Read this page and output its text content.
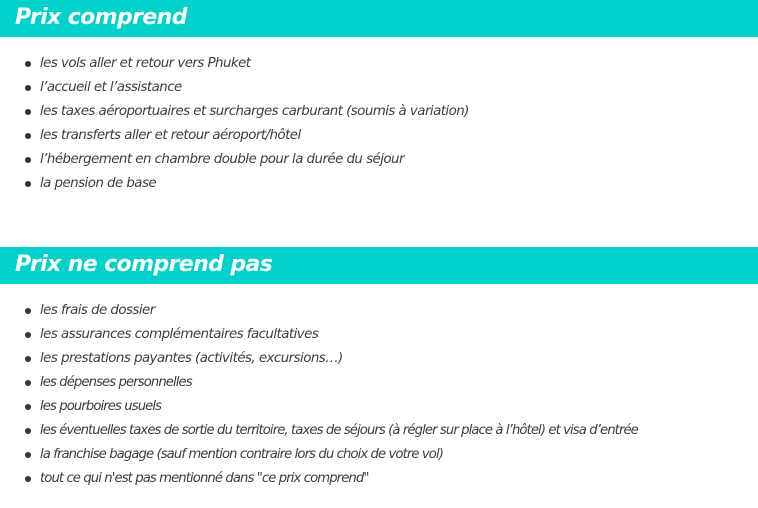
Prix comprend
les vols aller et retour vers Phuket
l’accueil et l’assistance
les taxes aéroportuaires et surcharges carburant (soumis à variation)
les transferts aller et retour aéroport/hôtel
l’hébergement en chambre double pour la durée du séjour
la pension de base
Prix ne comprend pas
les frais de dossier
les assurances complémentaires facultatives
les prestations payantes (activités, excursions…)
les dépenses personnelles
les pourboires usuels
les éventuelles taxes de sortie du territoire, taxes de séjours (à régler sur place à l’hôtel) et visa d’entrée
la franchise bagage (sauf mention contraire lors du choix de votre vol)
tout ce qui n'est pas mentionné dans "ce prix comprend"
